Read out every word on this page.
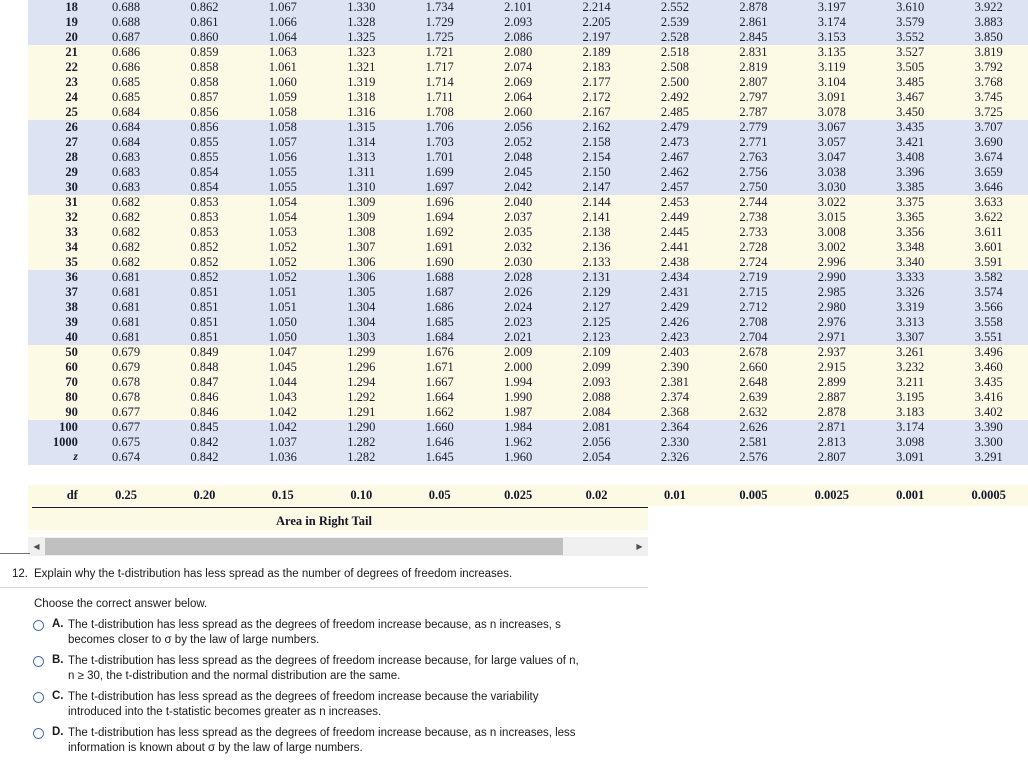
18	0.688	0.862	1.067	1.330	1.734	2.101	2.214	2.552	2.878	3.197	3.610	3.922
19	0.688	0.861	1.066	1.328	1.729	2.093	2.205	2.539	2.861	3.174	3.579	3.883
20	0.687	0.860	1.064	1.325	1.725	2.086	2.197	2.528	2.845	3.153	3.552	3.850
21	0.686	0.859	1.063	1.323	1.721	2.080	2.189	2.518	2.831	3.135	3.527	3.819
22	0.686	0.858	1.061	1.321	1.717	2.074	2.183	2.508	2.819	3.119	3.505	3.792
23	0.685	0.858	1.060	1.319	1.714	2.069	2.177	2.500	2.807	3.104	3.485	3.768
24	0.685	0.857	1.059	1.318	1.711	2.064	2.172	2.492	2.797	3.091	3.467	3.745
25	0.684	0.856	1.058	1.316	1.708	2.060	2.167	2.485	2.787	3.078	3.450	3.725
26	0.684	0.856	1.058	1.315	1.706	2.056	2.162	2.479	2.779	3.067	3.435	3.707
27	0.684	0.855	1.057	1.314	1.703	2.052	2.158	2.473	2.771	3.057	3.421	3.690
28	0.683	0.855	1.056	1.313	1.701	2.048	2.154	2.467	2.763	3.047	3.408	3.674
29	0.683	0.854	1.055	1.311	1.699	2.045	2.150	2.462	2.756	3.038	3.396	3.659
30	0.683	0.854	1.055	1.310	1.697	2.042	2.147	2.457	2.750	3.030	3.385	3.646
31	0.682	0.853	1.054	1.309	1.696	2.040	2.144	2.453	2.744	3.022	3.375	3.633
32	0.682	0.853	1.054	1.309	1.694	2.037	2.141	2.449	2.738	3.015	3.365	3.622
33	0.682	0.853	1.053	1.308	1.692	2.035	2.138	2.445	2.733	3.008	3.356	3.611
34	0.682	0.852	1.052	1.307	1.691	2.032	2.136	2.441	2.728	3.002	3.348	3.601
35	0.682	0.852	1.052	1.306	1.690	2.030	2.133	2.438	2.724	2.996	3.340	3.591
36	0.681	0.852	1.052	1.306	1.688	2.028	2.131	2.434	2.719	2.990	3.333	3.582
37	0.681	0.851	1.051	1.305	1.687	2.026	2.129	2.431	2.715	2.985	3.326	3.574
38	0.681	0.851	1.051	1.304	1.686	2.024	2.127	2.429	2.712	2.980	3.319	3.566
39	0.681	0.851	1.050	1.304	1.685	2.023	2.125	2.426	2.708	2.976	3.313	3.558
40	0.681	0.851	1.050	1.303	1.684	2.021	2.123	2.423	2.704	2.971	3.307	3.551
50	0.679	0.849	1.047	1.299	1.676	2.009	2.109	2.403	2.678	2.937	3.261	3.496
60	0.679	0.848	1.045	1.296	1.671	2.000	2.099	2.390	2.660	2.915	3.232	3.460
70	0.678	0.847	1.044	1.294	1.667	1.994	2.093	2.381	2.648	2.899	3.211	3.435
80	0.678	0.846	1.043	1.292	1.664	1.990	2.088	2.374	2.639	2.887	3.195	3.416
90	0.677	0.846	1.042	1.291	1.662	1.987	2.084	2.368	2.632	2.878	3.183	3.402
100	0.677	0.845	1.042	1.290	1.660	1.984	2.081	2.364	2.626	2.871	3.174	3.390
1000	0.675	0.842	1.037	1.282	1.646	1.962	2.056	2.330	2.581	2.813	3.098	3.300
z	0.674	0.842	1.036	1.282	1.645	1.960	2.054	2.326	2.576	2.807	3.091	3.291
df	0.25	0.20	0.15	0.10	0.05	0.025	0.02	0.01	0.005	0.0025	0.001	0.0005
Area in Right Tail
◀	▶
12. Explain why the t-distribution has less spread as the number of degrees of freedom increases.
Choose the correct answer below.
A. The t-distribution has less spread as the degrees of freedom increase because, as n increases, s becomes closer to σ by the law of large numbers.
B. The t-distribution has less spread as the degrees of freedom increase because, for large values of n, n ≥ 30, the t-distribution and the normal distribution are the same.
C. The t-distribution has less spread as the degrees of freedom increase because the variability introduced into the t-statistic becomes greater as n increases.
D. The t-distribution has less spread as the degrees of freedom increase because, as n increases, less information is known about σ by the law of large numbers.
